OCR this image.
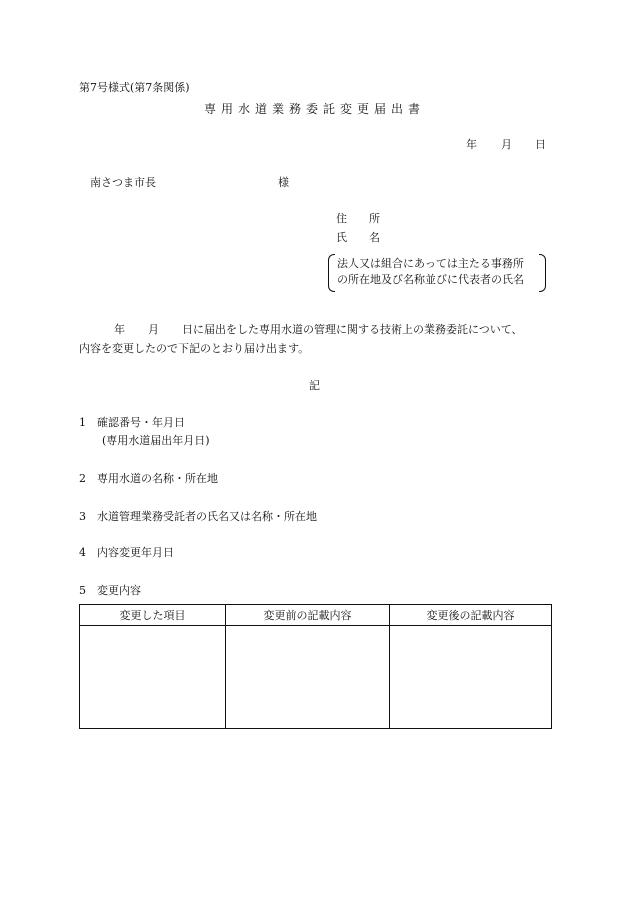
第7号様式(第7条関係)
専用水道業務委託変更届出書
年 月 日
南さつま市長	様
住　　所
氏　　名
法人又は組合にあっては主たる事務所
の所在地及び名称並びに代表者の氏名
年 月 日に届出をした専用水道の管理に関する技術上の業務委託について、
内容を変更したので下記のとおり届け出ます。
記
1 確認番号・年月日
(専用水道届出年月日)
2 専用水道の名称・所在地
3 水道管理業務受託者の氏名又は名称・所在地
4 内容変更年月日
5 変更内容
変更した項目	変更前の記載内容	変更後の記載内容
